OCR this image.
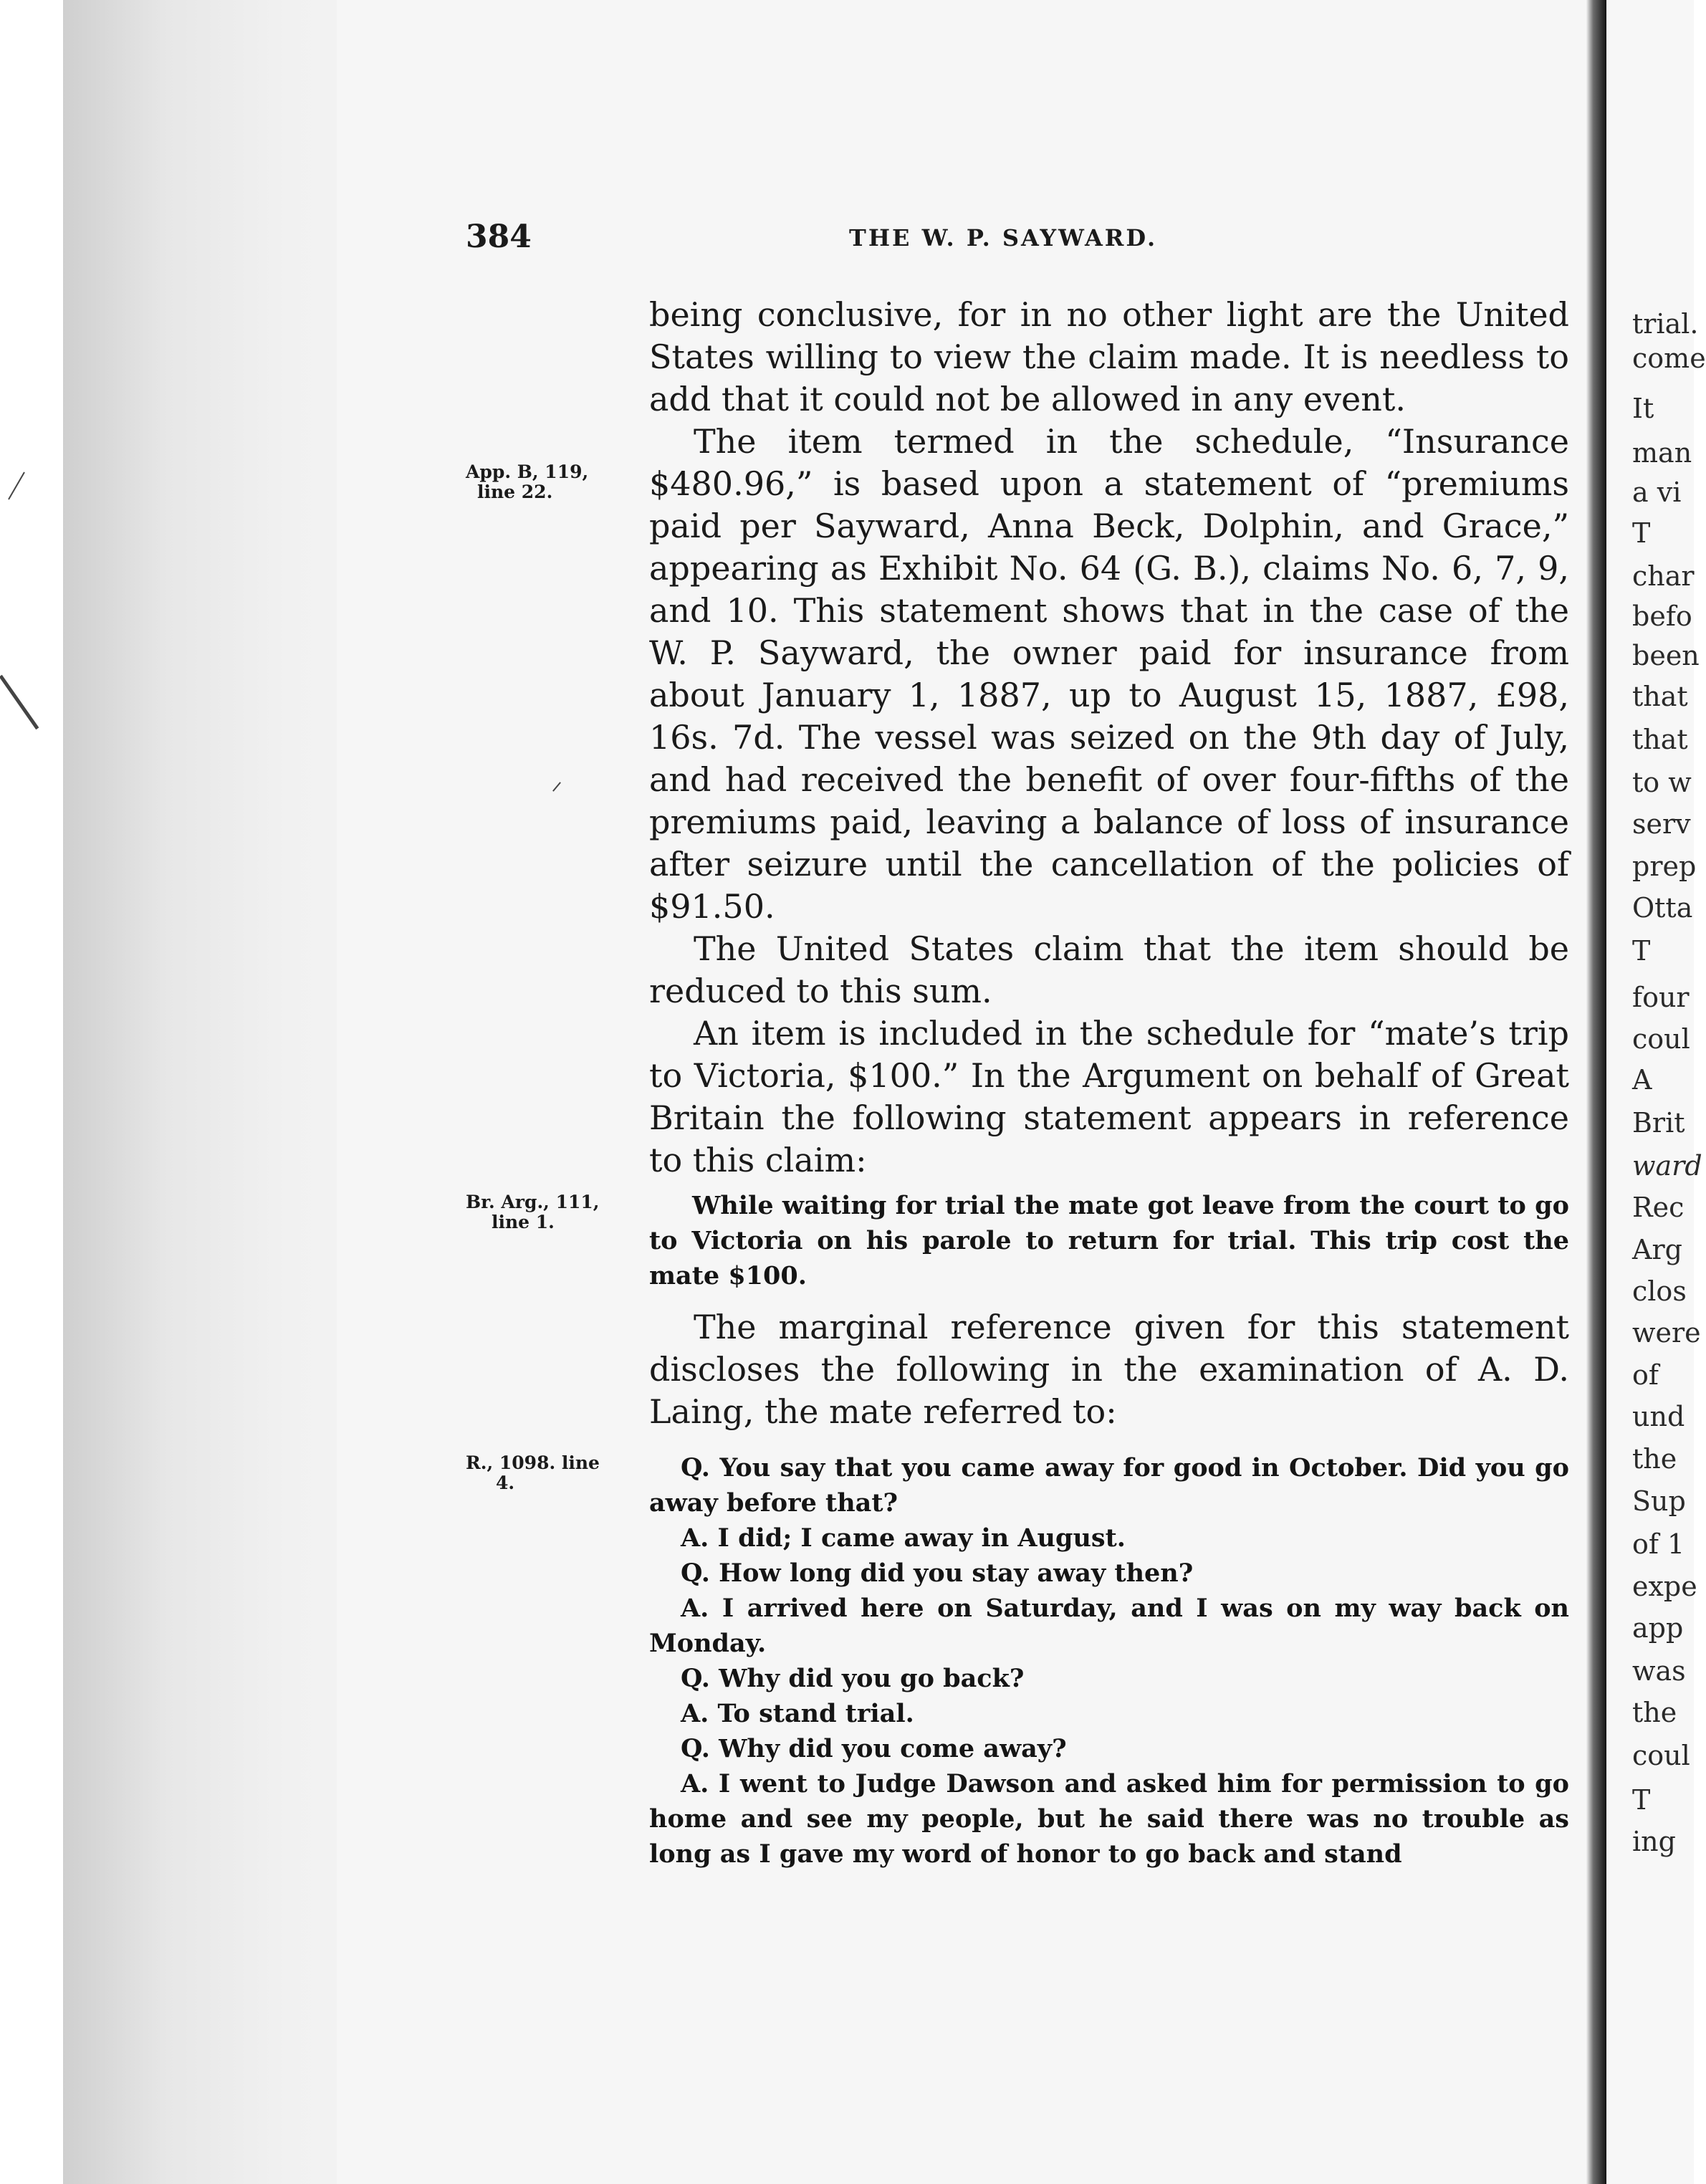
384	THE W. P. SAYWARD.

being conclusive, for in no other light are the United States willing to view the claim made. It is needless to add that it could not be allowed in any event.

The item termed in the schedule, “Insurance $480.96,” is based upon a statement of “premiums paid per Sayward, Anna Beck, Dolphin, and Grace,” appearing as Exhibit No. 64 (G. B.), claims No. 6, 7, 9, and 10. This statement shows that in the case of the W. P. Sayward, the owner paid for insurance from about January 1, 1887, up to August 15, 1887, £98, 16s. 7d. The vessel was seized on the 9th day of July, and had received the benefit of over four-fifths of the premiums paid, leaving a balance of loss of insurance after seizure until the cancellation of the policies of $91.50.

The United States claim that the item should be reduced to this sum.

An item is included in the schedule for “mate’s trip to Victoria, $100.” In the Argument on behalf of Great Britain the following statement appears in reference to this claim:

While waiting for trial the mate got leave from the court to go to Victoria on his parole to return for trial. This trip cost the mate $100.

The marginal reference given for this statement discloses the following in the examination of A. D. Laing, the mate referred to:

Q. You say that you came away for good in October. Did you go away before that?

A. I did; I came away in August.

Q. How long did you stay away then?

A. I arrived here on Saturday, and I was on my way back on Monday.

Q. Why did you go back?

A. To stand trial.

Q. Why did you come away?

A. I went to Judge Dawson and asked him for permission to go home and see my people, but he said there was no trouble as long as I gave my word of honor to go back and stand

App. B, 119,
line 22.
Br. Arg., 111,
line 1.
R., 1098. line
4.
trial.
come
It
man
a vi
T
char
befo
been
that
that
to w
serv
prep
Otta
T
four
coul
A
Brit
ward
Rec
Arg
clos
were
of
und
the
Sup
of 1
expe
app
was
the
coul
T
ing
